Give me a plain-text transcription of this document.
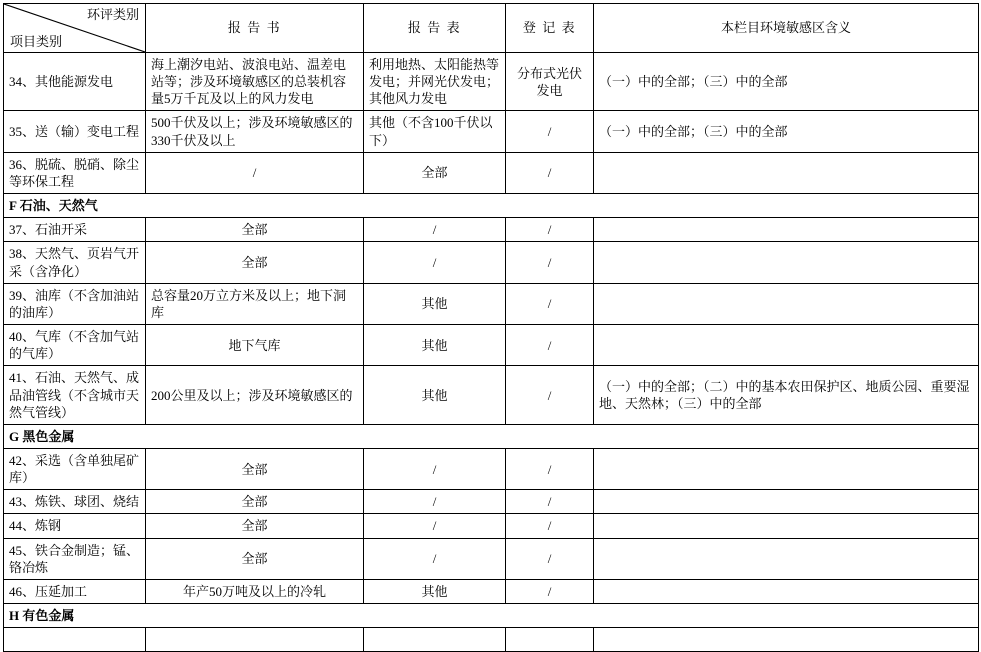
环评类别
项目类别	报 告 书	报 告 表	登 记 表	本栏目环境敏感区含义
34、其他能源发电	海上潮汐电站、波浪电站、温差电站等；涉及环境敏感区的总装机容量5万千瓦及以上的风力发电	利用地热、太阳能热等发电；并网光伏发电；其他风力发电	分布式光伏发电	（一）中的全部；（三）中的全部
35、送（输）变电工程	500千伏及以上；涉及环境敏感区的330千伏及以上	其他（不含100千伏以下）	/	（一）中的全部；（三）中的全部
36、脱硫、脱硝、除尘等环保工程	/	全部	/	
F 石油、天然气				
37、石油开采	全部	/	/	
38、天然气、页岩气开采（含净化）	全部	/	/	
39、油库（不含加油站的油库）	总容量20万立方米及以上；地下洞库	其他	/	
40、气库（不含加气站的气库）	地下气库	其他	/	
41、石油、天然气、成品油管线（不含城市天然气管线）	200公里及以上；涉及环境敏感区的	其他	/	（一）中的全部；（二）中的基本农田保护区、地质公园、重要湿地、天然林；（三）中的全部
G 黑色金属				
42、采选（含单独尾矿库）	全部	/	/	
43、炼铁、球团、烧结	全部	/	/	
44、炼钢	全部	/	/	
45、铁合金制造；锰、铬冶炼	全部	/	/	
46、压延加工	年产50万吨及以上的冷轧	其他	/	
H 有色金属				
